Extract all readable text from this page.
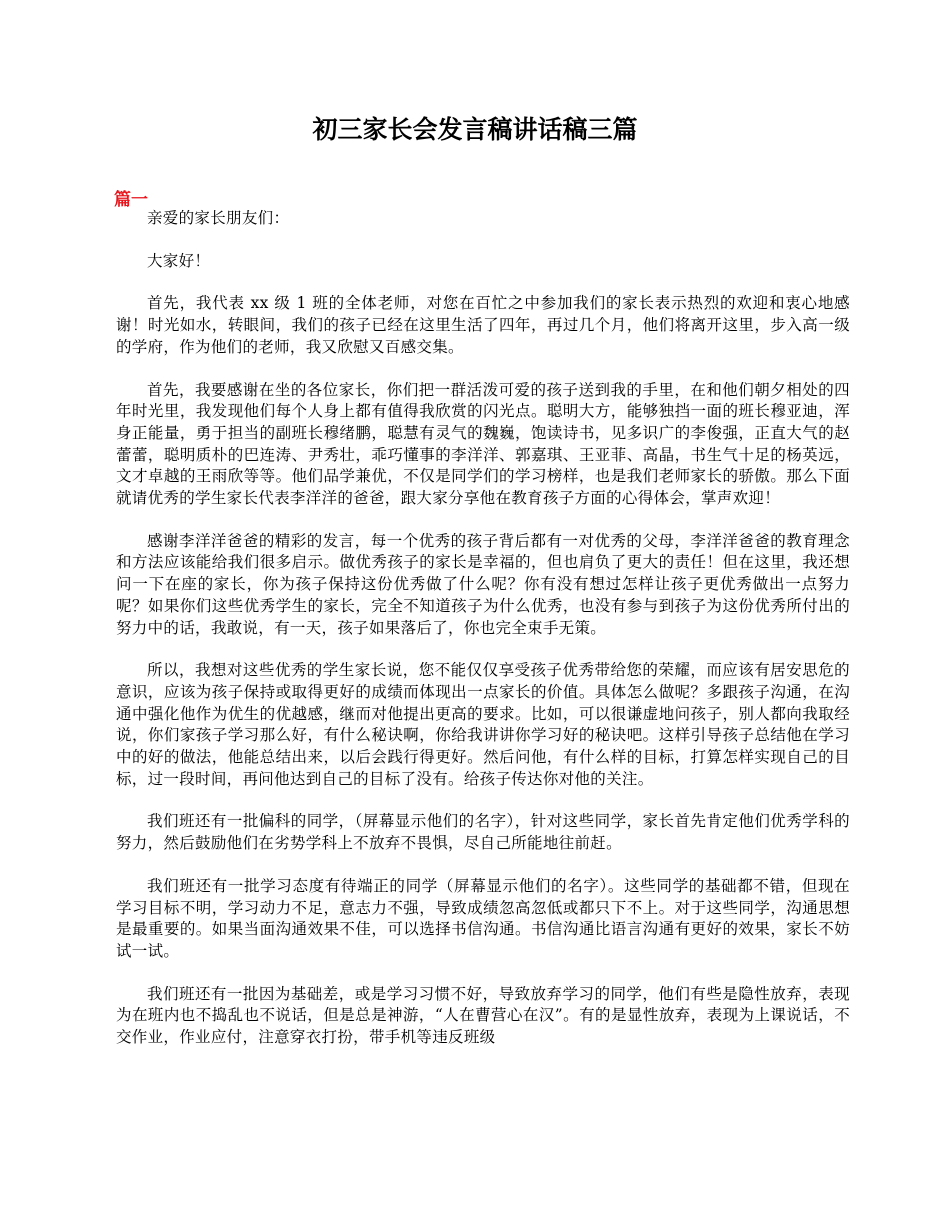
初三家长会发言稿讲话稿三篇
篇一

亲爱的家长朋友们：

大家好！

首先，我代表 xx 级 1 班的全体老师，对您在百忙之中参加我们的家长表示热烈的欢迎和衷心地感谢！时光如水，转眼间，我们的孩子已经在这里生活了四年，再过几个月，他们将离开这里，步入高一级的学府，作为他们的老师，我又欣慰又百感交集。

首先，我要感谢在坐的各位家长，你们把一群活泼可爱的孩子送到我的手里，在和他们朝夕相处的四年时光里，我发现他们每个人身上都有值得我欣赏的闪光点。聪明大方，能够独挡一面的班长穆亚迪，浑身正能量，勇于担当的副班长穆绪鹏，聪慧有灵气的魏巍，饱读诗书，见多识广的李俊强，正直大气的赵蕾蕾，聪明质朴的巴连涛、尹秀壮，乖巧懂事的李洋洋、郭嘉琪、王亚菲、高晶，书生气十足的杨英远，文才卓越的王雨欣等等。他们品学兼优，不仅是同学们的学习榜样，也是我们老师家长的骄傲。那么下面就请优秀的学生家长代表李洋洋的爸爸，跟大家分享他在教育孩子方面的心得体会，掌声欢迎！

感谢李洋洋爸爸的精彩的发言，每一个优秀的孩子背后都有一对优秀的父母，李洋洋爸爸的教育理念和方法应该能给我们很多启示。做优秀孩子的家长是幸福的，但也肩负了更大的责任！但在这里，我还想问一下在座的家长，你为孩子保持这份优秀做了什么呢？你有没有想过怎样让孩子更优秀做出一点努力呢？如果你们这些优秀学生的家长，完全不知道孩子为什么优秀，也没有参与到孩子为这份优秀所付出的努力中的话，我敢说，有一天，孩子如果落后了，你也完全束手无策。

所以，我想对这些优秀的学生家长说，您不能仅仅享受孩子优秀带给您的荣耀，而应该有居安思危的意识，应该为孩子保持或取得更好的成绩而体现出一点家长的价值。具体怎么做呢？多跟孩子沟通，在沟通中强化他作为优生的优越感，继而对他提出更高的要求。比如，可以很谦虚地问孩子，别人都向我取经说，你们家孩子学习那么好，有什么秘诀啊，你给我讲讲你学习好的秘诀吧。这样引导孩子总结他在学习中的好的做法，他能总结出来，以后会践行得更好。然后问他，有什么样的目标，打算怎样实现自己的目标，过一段时间，再问他达到自己的目标了没有。给孩子传达你对他的关注。

我们班还有一批偏科的同学，（屏幕显示他们的名字），针对这些同学，家长首先肯定他们优秀学科的努力，然后鼓励他们在劣势学科上不放弃不畏惧，尽自己所能地往前赶。

我们班还有一批学习态度有待端正的同学（屏幕显示他们的名字）。这些同学的基础都不错，但现在学习目标不明，学习动力不足，意志力不强，导致成绩忽高忽低或都只下不上。对于这些同学，沟通思想是最重要的。如果当面沟通效果不佳，可以选择书信沟通。书信沟通比语言沟通有更好的效果，家长不妨试一试。

我们班还有一批因为基础差，或是学习习惯不好，导致放弃学习的同学，他们有些是隐性放弃，表现为在班内也不捣乱也不说话，但是总是神游，“人在曹营心在汉”。有的是显性放弃，表现为上课说话，不交作业，作业应付，注意穿衣打扮，带手机等违反班级
